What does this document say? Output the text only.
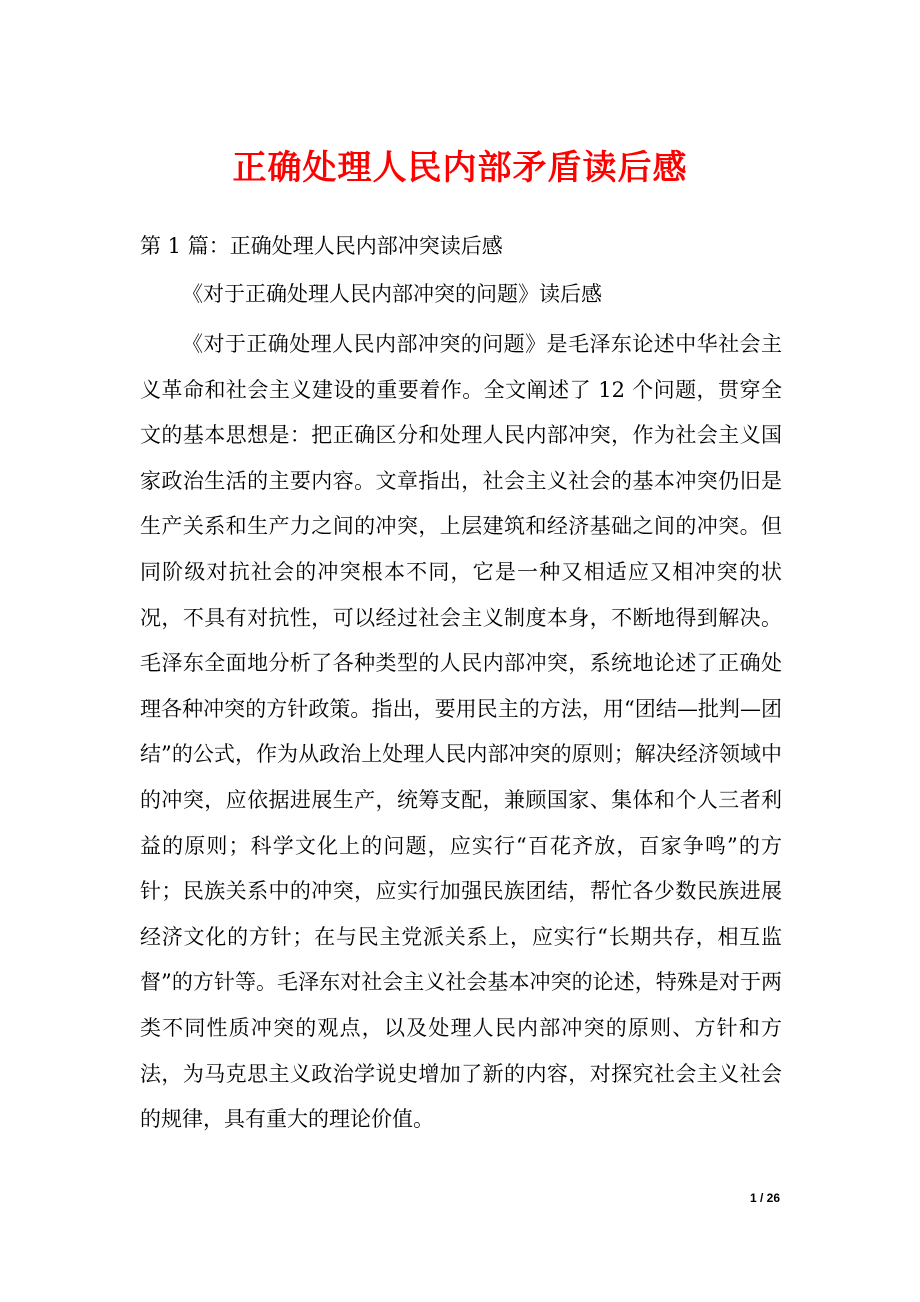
正确处理人民内部矛盾读后感

第 1 篇：正确处理人民内部冲突读后感

《对于正确处理人民内部冲突的问题》读后感

《对于正确处理人民内部冲突的问题》是毛泽东论述中华社会主义革命和社会主义建设的重要着作。全文阐述了 12 个问题，贯穿全文的基本思想是：把正确区分和处理人民内部冲突，作为社会主义国家政治生活的主要内容。文章指出，社会主义社会的基本冲突仍旧是生产关系和生产力之间的冲突，上层建筑和经济基础之间的冲突。但同阶级对抗社会的冲突根本不同，它是一种又相适应又相冲突的状况，不具有对抗性，可以经过社会主义制度本身，不断地得到解决。毛泽东全面地分析了各种类型的人民内部冲突，系统地论述了正确处理各种冲突的方针政策。指出，要用民主的方法，用“团结—批判—团结”的公式，作为从政治上处理人民内部冲突的原则；解决经济领域中的冲突，应依据进展生产，统筹支配，兼顾国家、集体和个人三者利益的原则；科学文化上的问题，应实行“百花齐放，百家争鸣”的方针；民族关系中的冲突，应实行加强民族团结，帮忙各少数民族进展经济文化的方针；在与民主党派关系上，应实行“长期共存，相互监督”的方针等。毛泽东对社会主义社会基本冲突的论述，特殊是对于两类不同性质冲突的观点，以及处理人民内部冲突的原则、方针和方法，为马克思主义政治学说史增加了新的内容，对探究社会主义社会的规律，具有重大的理论价值。

1 / 26
